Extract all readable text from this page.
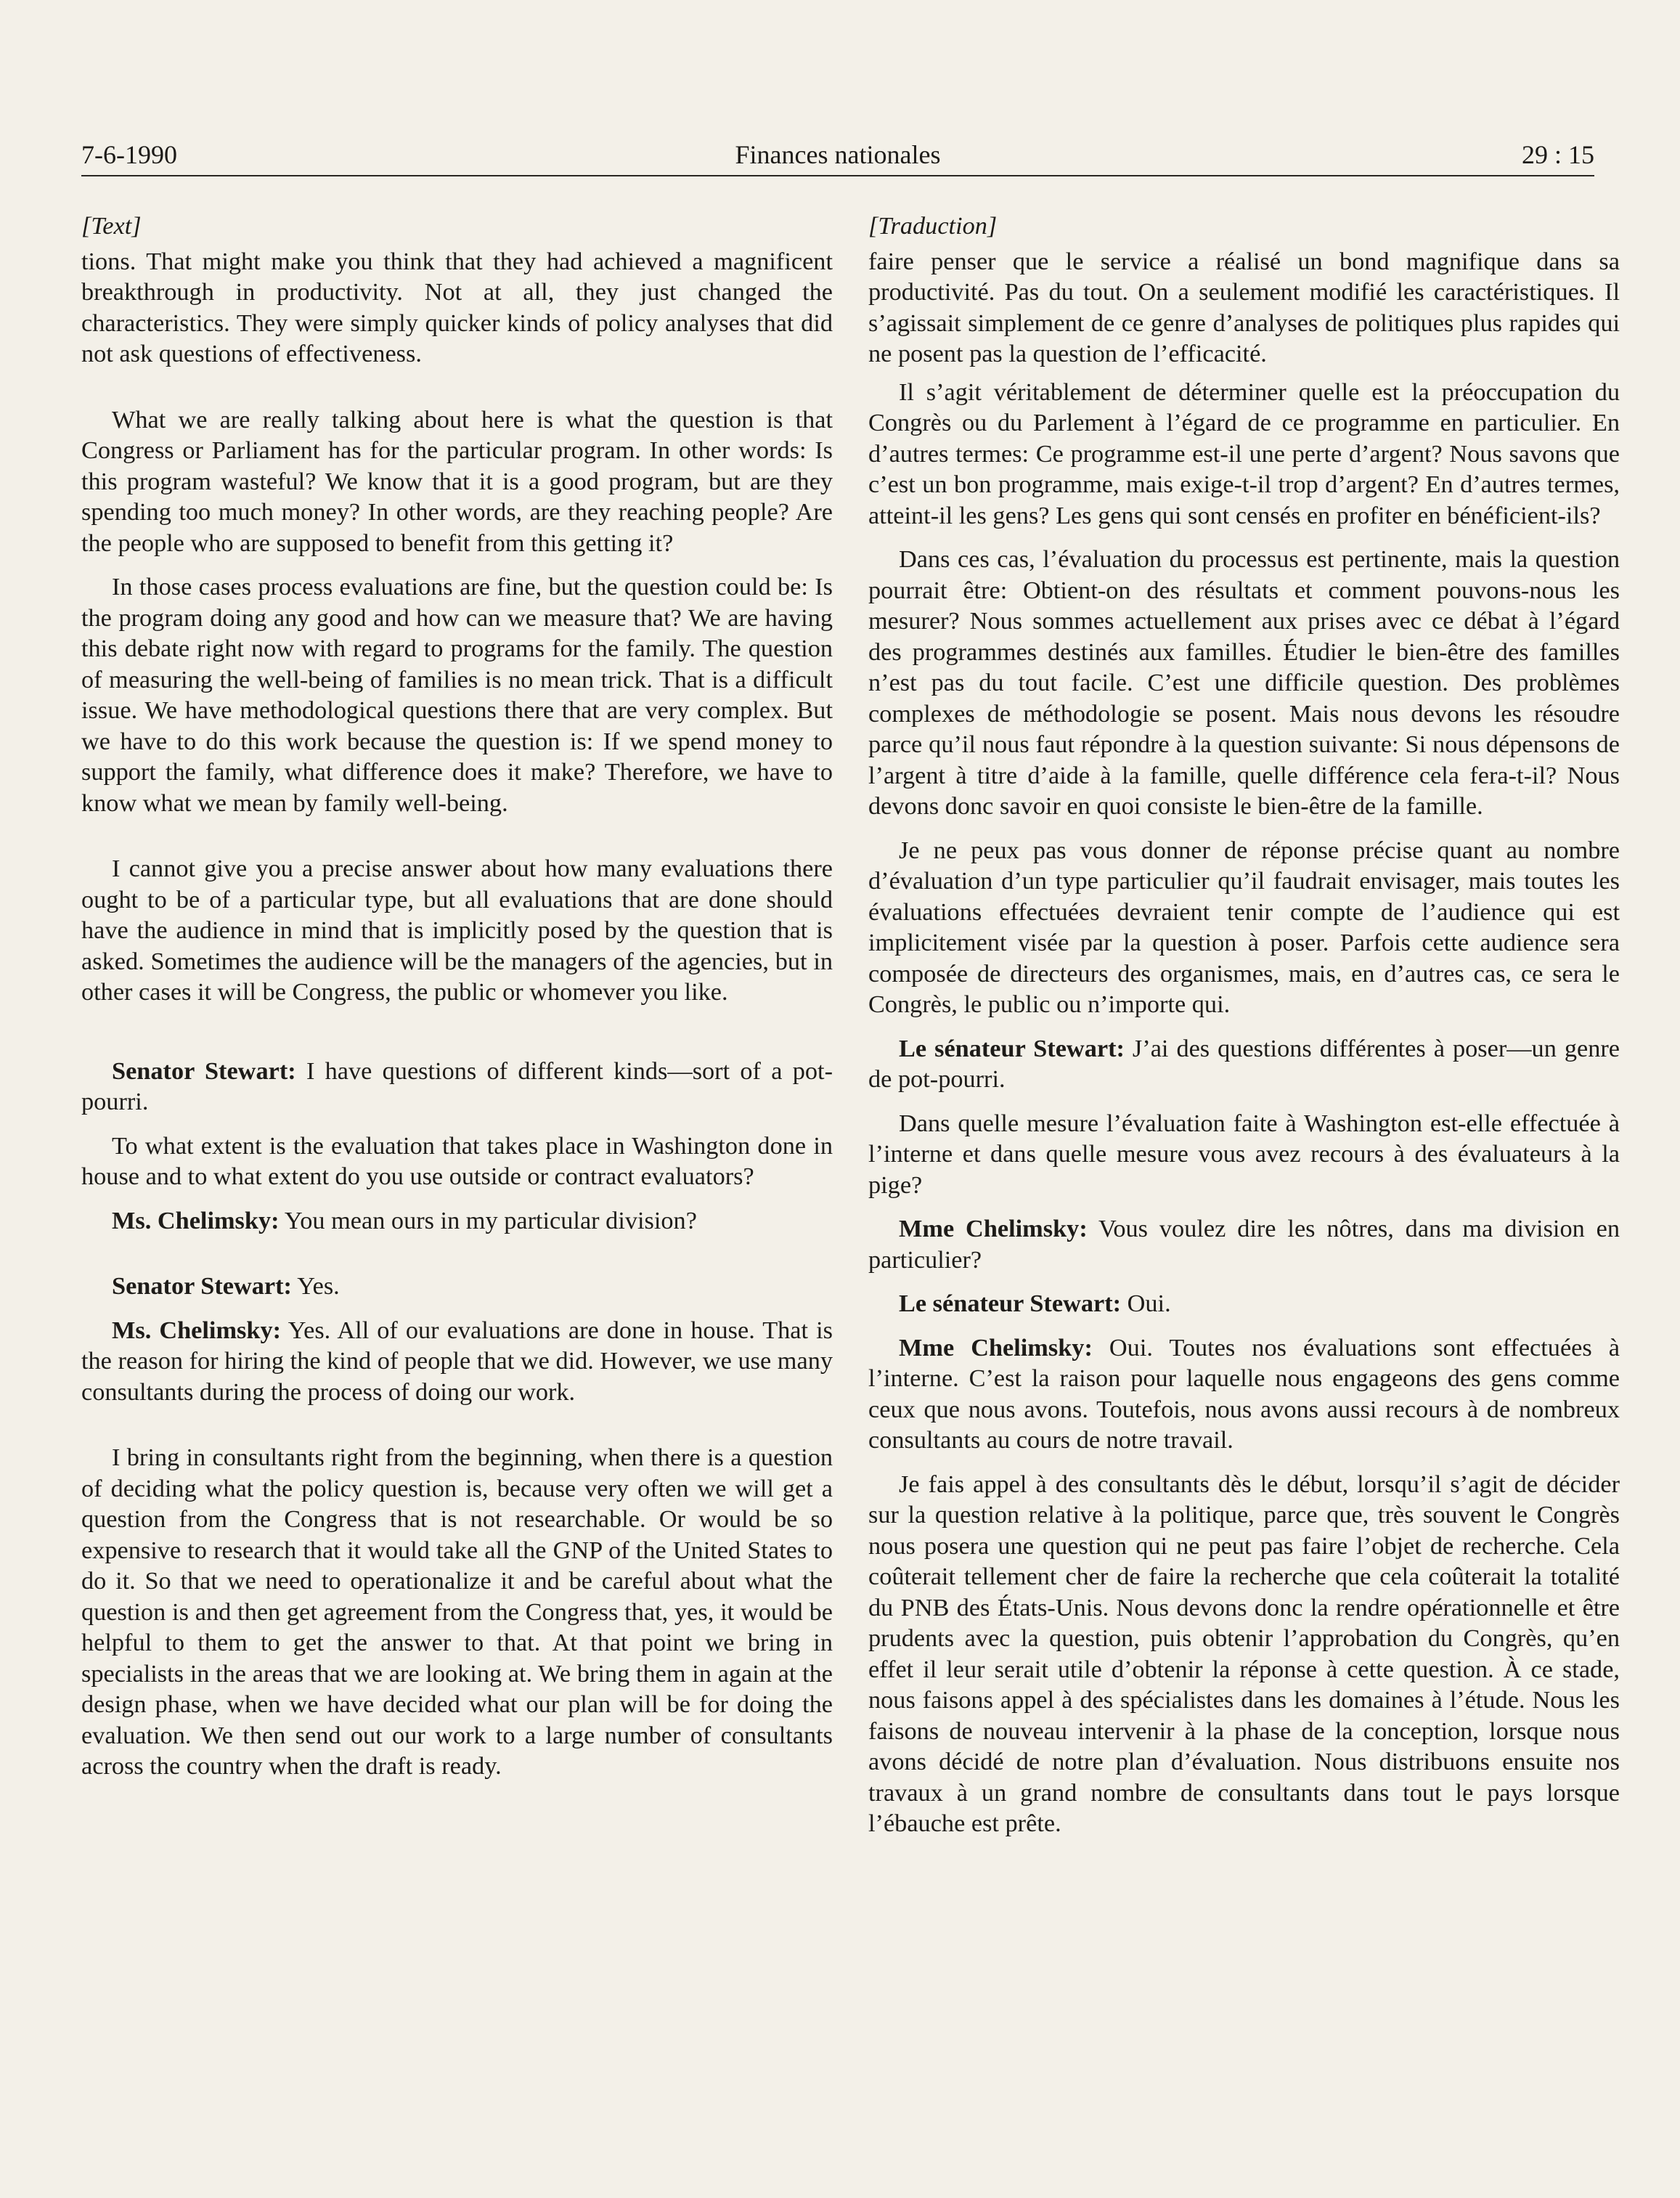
7-6-1990	Finances nationales	29 : 15
[Text]

tions. That might make you think that they had achieved a magnificent breakthrough in productivity. Not at all, they just changed the characteristics. They were simply quicker kinds of policy analyses that did not ask questions of effectiveness.

What we are really talking about here is what the question is that Congress or Parliament has for the particular program. In other words: Is this program wasteful? We know that it is a good program, but are they spending too much money? In other words, are they reaching people? Are the people who are supposed to benefit from this getting it?

In those cases process evaluations are fine, but the question could be: Is the program doing any good and how can we measure that? We are having this debate right now with regard to programs for the family. The question of measuring the well-being of families is no mean trick. That is a difficult issue. We have methodological questions there that are very complex. But we have to do this work because the question is: If we spend money to support the family, what difference does it make? Therefore, we have to know what we mean by family well-being.

I cannot give you a precise answer about how many evaluations there ought to be of a particular type, but all evaluations that are done should have the audience in mind that is implicitly posed by the question that is asked. Sometimes the audience will be the managers of the agencies, but in other cases it will be Congress, the public or whomever you like.

Senator Stewart: I have questions of different kinds—sort of a pot-pourri.

To what extent is the evaluation that takes place in Washington done in house and to what extent do you use outside or contract evaluators?

Ms. Chelimsky: You mean ours in my particular division?

Senator Stewart: Yes.

Ms. Chelimsky: Yes. All of our evaluations are done in house. That is the reason for hiring the kind of people that we did. However, we use many consultants during the process of doing our work.

I bring in consultants right from the beginning, when there is a question of deciding what the policy question is, because very often we will get a question from the Congress that is not researchable. Or would be so expensive to research that it would take all the GNP of the United States to do it. So that we need to operationalize it and be careful about what the question is and then get agreement from the Congress that, yes, it would be helpful to them to get the answer to that. At that point we bring in specialists in the areas that we are looking at. We bring them in again at the design phase, when we have decided what our plan will be for doing the evaluation. We then send out our work to a large number of consultants across the country when the draft is ready.

[Traduction]

faire penser que le service a réalisé un bond magnifique dans sa productivité. Pas du tout. On a seulement modifié les caractéristiques. Il s’agissait simplement de ce genre d’analyses de politiques plus rapides qui ne posent pas la question de l’efficacité.

Il s’agit véritablement de déterminer quelle est la préoccupation du Congrès ou du Parlement à l’égard de ce programme en particulier. En d’autres termes: Ce programme est-il une perte d’argent? Nous savons que c’est un bon programme, mais exige-t-il trop d’argent? En d’autres termes, atteint-il les gens? Les gens qui sont censés en profiter en bénéficient-ils?

Dans ces cas, l’évaluation du processus est pertinente, mais la question pourrait être: Obtient-on des résultats et comment pouvons-nous les mesurer? Nous sommes actuellement aux prises avec ce débat à l’égard des programmes destinés aux familles. Étudier le bien-être des familles n’est pas du tout facile. C’est une difficile question. Des problèmes complexes de méthodologie se posent. Mais nous devons les résoudre parce qu’il nous faut répondre à la question suivante: Si nous dépensons de l’argent à titre d’aide à la famille, quelle différence cela fera-t-il? Nous devons donc savoir en quoi consiste le bien-être de la famille.

Je ne peux pas vous donner de réponse précise quant au nombre d’évaluation d’un type particulier qu’il faudrait envisager, mais toutes les évaluations effectuées devraient tenir compte de l’audience qui est implicitement visée par la question à poser. Parfois cette audience sera composée de directeurs des organismes, mais, en d’autres cas, ce sera le Congrès, le public ou n’importe qui.

Le sénateur Stewart: J’ai des questions différentes à poser—un genre de pot-pourri.

Dans quelle mesure l’évaluation faite à Washington est-elle effectuée à l’interne et dans quelle mesure vous avez recours à des évaluateurs à la pige?

Mme Chelimsky: Vous voulez dire les nôtres, dans ma division en particulier?

Le sénateur Stewart: Oui.

Mme Chelimsky: Oui. Toutes nos évaluations sont effectuées à l’interne. C’est la raison pour laquelle nous engageons des gens comme ceux que nous avons. Toutefois, nous avons aussi recours à de nombreux consultants au cours de notre travail.

Je fais appel à des consultants dès le début, lorsqu’il s’agit de décider sur la question relative à la politique, parce que, très souvent le Congrès nous posera une question qui ne peut pas faire l’objet de recherche. Cela coûterait tellement cher de faire la recherche que cela coûterait la totalité du PNB des États-Unis. Nous devons donc la rendre opérationnelle et être prudents avec la question, puis obtenir l’approbation du Congrès, qu’en effet il leur serait utile d’obtenir la réponse à cette question. À ce stade, nous faisons appel à des spécialistes dans les domaines à l’étude. Nous les faisons de nouveau intervenir à la phase de la conception, lorsque nous avons décidé de notre plan d’évaluation. Nous distribuons ensuite nos travaux à un grand nombre de consultants dans tout le pays lorsque l’ébauche est prête.
